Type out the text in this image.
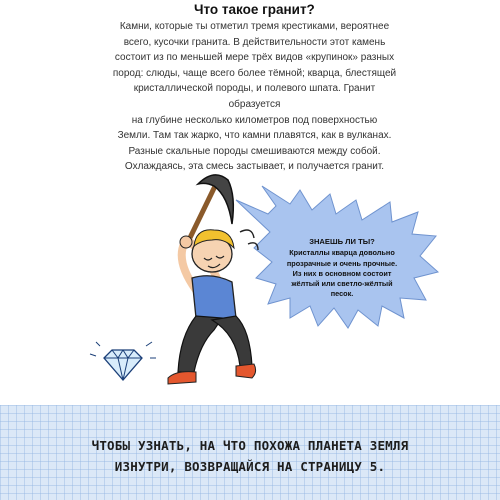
Что такое гранит?
Камни, которые ты отметил тремя крестиками, вероятнее
всего, кусочки гранита. В действительности этот камень
состоит из по меньшей мере трёх видов «крупинок» разных
пород: слюды, чаще всего более тёмной; кварца, блестящей
кристаллической породы, и полевого шпата. Гранит образуется
на глубине несколько километров под поверхностью
Земли. Там так жарко, что камни плавятся, как в вулканах.
Разные скальные породы смешиваются между собой.
Охлаждаясь, эта смесь застывает, и получается гранит.
ЗНАЕШЬ ЛИ ТЫ?
Кристаллы кварца довольно
прозрачные и очень прочные.
Из них в основном состоит
жёлтый или светло-жёлтый
песок.
ЧТОБЫ УЗНАТЬ, НА ЧТО ПОХОЖА ПЛАНЕТА ЗЕМЛЯ
ИЗНУТРИ, ВОЗВРАЩАЙСЯ НА СТРАНИЦУ 5.
